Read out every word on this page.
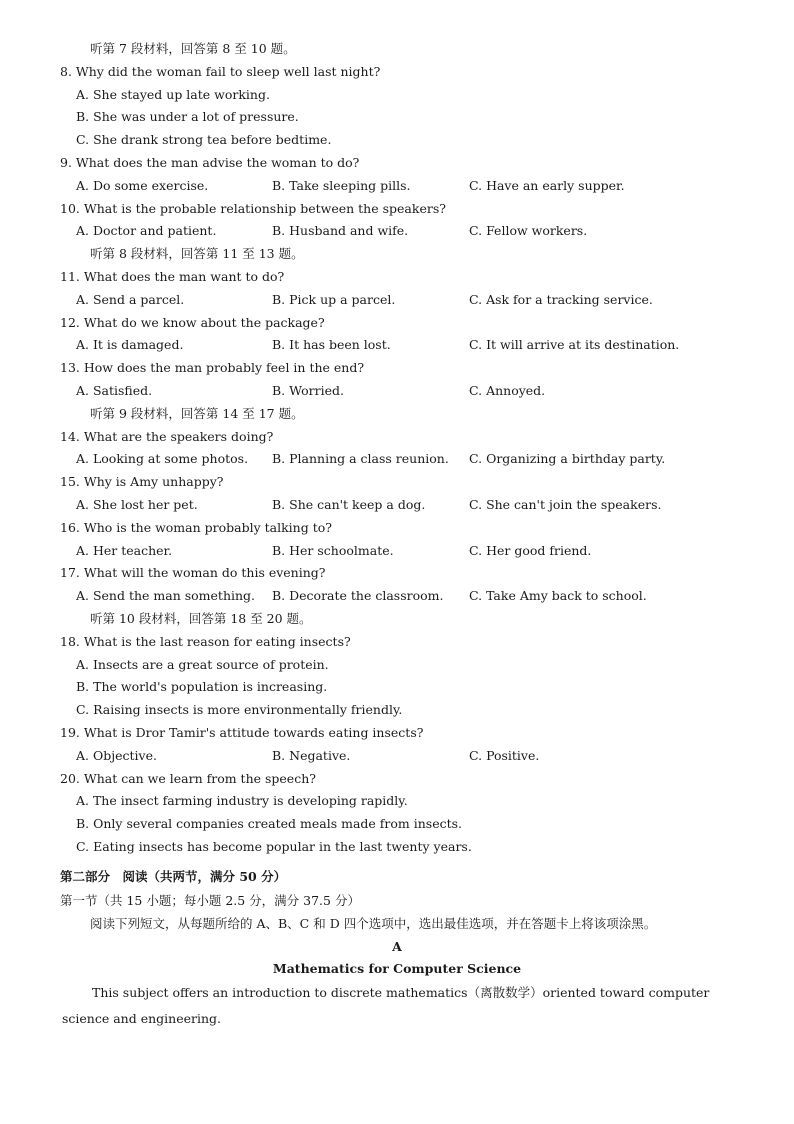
听第 7 段材料，回答第 8 至 10 题。
8. Why did the woman fail to sleep well last night?
A. She stayed up late working.
B. She was under a lot of pressure.
C. She drank strong tea before bedtime.
9. What does the man advise the woman to do?
A. Do some exercise.	B. Take sleeping pills.	C. Have an early supper.
10. What is the probable relationship between the speakers?
A. Doctor and patient.	B. Husband and wife.	C. Fellow workers.
听第 8 段材料，回答第 11 至 13 题。
11. What does the man want to do?
A. Send a parcel.	B. Pick up a parcel.	C. Ask for a tracking service.
12. What do we know about the package?
A. It is damaged.	B. It has been lost.	C. It will arrive at its destination.
13. How does the man probably feel in the end?
A. Satisfied.	B. Worried.	C. Annoyed.
听第 9 段材料，回答第 14 至 17 题。
14. What are the speakers doing?
A. Looking at some photos. B. Planning a class reunion. C. Organizing a birthday party.
15. Why is Amy unhappy?
A. She lost her pet.	B. She can't keep a dog.	C. She can't join the speakers.
16. Who is the woman probably talking to?
A. Her teacher.	B. Her schoolmate.	C. Her good friend.
17. What will the woman do this evening?
A. Send the man something. B. Decorate the classroom. C. Take Amy back to school.
听第 10 段材料，回答第 18 至 20 题。
18. What is the last reason for eating insects?
A. Insects are a great source of protein.
B. The world's population is increasing.
C. Raising insects is more environmentally friendly.
19. What is Dror Tamir's attitude towards eating insects?
A. Objective.	B. Negative.	C. Positive.
20. What can we learn from the speech?
A. The insect farming industry is developing rapidly.
B. Only several companies created meals made from insects.
C. Eating insects has become popular in the last twenty years.
第二部分　阅读（共两节，满分 50 分）
第一节（共 15 小题；每小题 2.5 分，满分 37.5 分）
阅读下列短文，从每题所给的 A、B、C 和 D 四个选项中，选出最佳选项，并在答题卡上将该项涂黑。
A
Mathematics for Computer Science
This subject offers an introduction to discrete mathematics（离散数学）oriented toward computer science and engineering.
